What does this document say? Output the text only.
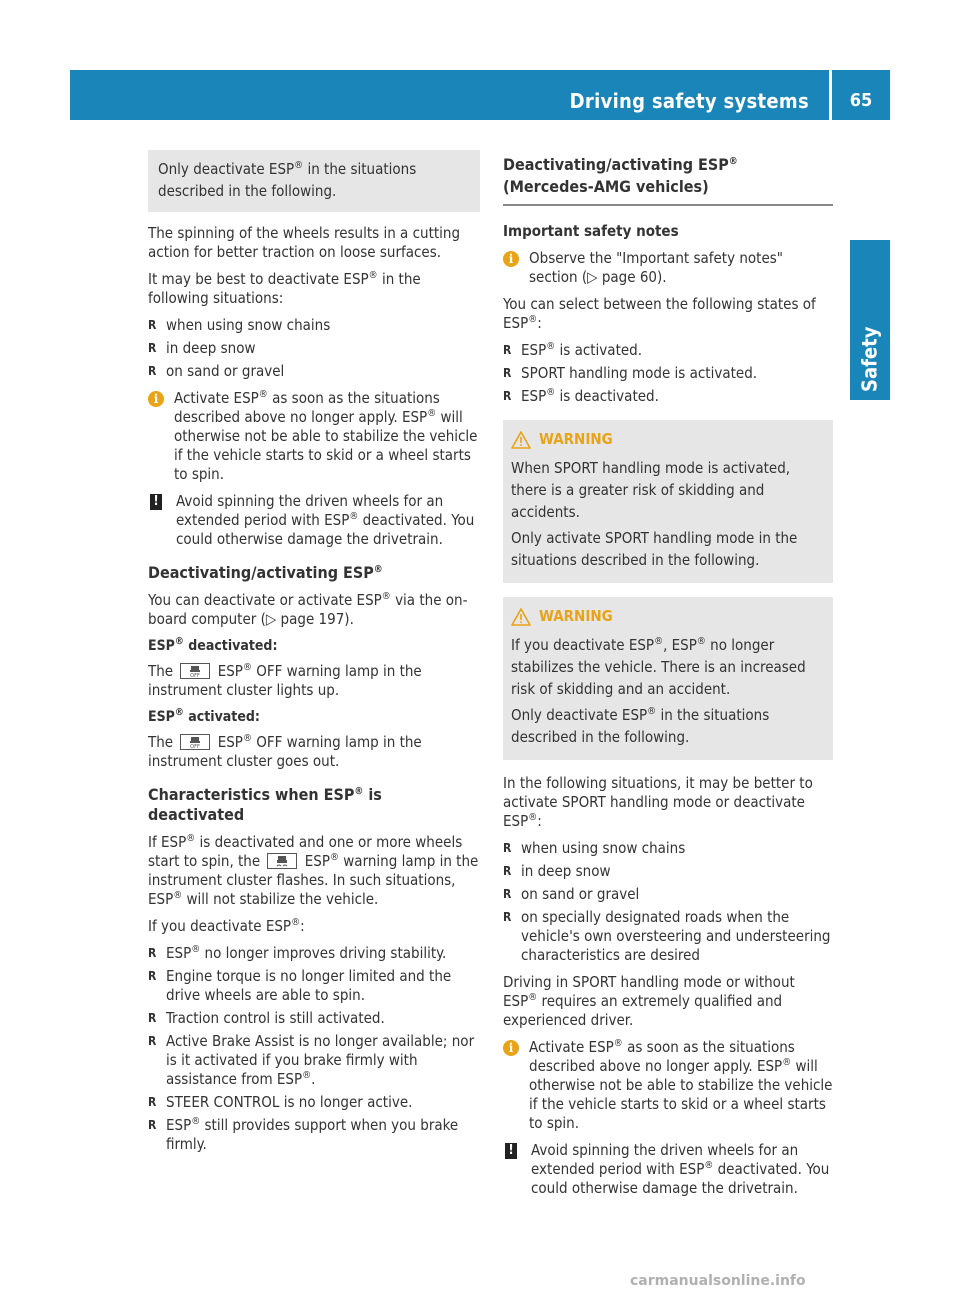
Driving safety systems	65
Safety

Only deactivate ESP® in the situations described in the following.

The spinning of the wheels results in a cutting action for better traction on loose surfaces.

It may be best to deactivate ESP® in the following situations:

R when using snow chains
R in deep snow
R on sand or gravel
i	Activate ESP® as soon as the situations described above no longer apply. ESP® will otherwise not be able to stabilize the vehicle if the vehicle starts to skid or a wheel starts to spin.
! Avoid spinning the driven wheels for an extended period with ESP® deactivated. You could otherwise damage the drivetrain.
Deactivating/activating ESP®

You can deactivate or activate ESP® via the on-board computer (▷ page 197).

ESP® deactivated:

The	OFF ESP® OFF warning lamp in the instrument cluster lights up.

ESP® activated:

The	OFF ESP® OFF warning lamp in the instrument cluster goes out.

Characteristics when ESP® is deactivated

If ESP® is deactivated and one or more wheels start to spin, the	ESP® warning lamp in the instrument cluster flashes. In such situations, ESP® will not stabilize the vehicle.

If you deactivate ESP®:

R ESP® no longer improves driving stability.
R Engine torque is no longer limited and the drive wheels are able to spin.
R Traction control is still activated.
R Active Brake Assist is no longer available; nor is it activated if you brake firmly with assistance from ESP®.
R STEER CONTROL is no longer active.
R ESP® still provides support when you brake firmly.
Deactivating/activating ESP®
(Mercedes-AMG vehicles)
Important safety notes
i	Observe the "Important safety notes" section (▷ page 60).

You can select between the following states of ESP®:

R ESP® is activated.
R SPORT handling mode is activated.
R ESP® is deactivated.
WARNING

When SPORT handling mode is activated, there is a greater risk of skidding and accidents.

Only activate SPORT handling mode in the situations described in the following.

WARNING

If you deactivate ESP®, ESP® no longer stabilizes the vehicle. There is an increased risk of skidding and an accident.

Only deactivate ESP® in the situations described in the following.

In the following situations, it may be better to activate SPORT handling mode or deactivate ESP®:

R when using snow chains
R in deep snow
R on sand or gravel
R on specially designated roads when the vehicle's own oversteering and understeering characteristics are desired

Driving in SPORT handling mode or without ESP® requires an extremely qualified and experienced driver.

i	Activate ESP® as soon as the situations described above no longer apply. ESP® will otherwise not be able to stabilize the vehicle if the vehicle starts to skid or a wheel starts to spin.
! Avoid spinning the driven wheels for an extended period with ESP® deactivated. You could otherwise damage the drivetrain.
carmanualsonline.info
